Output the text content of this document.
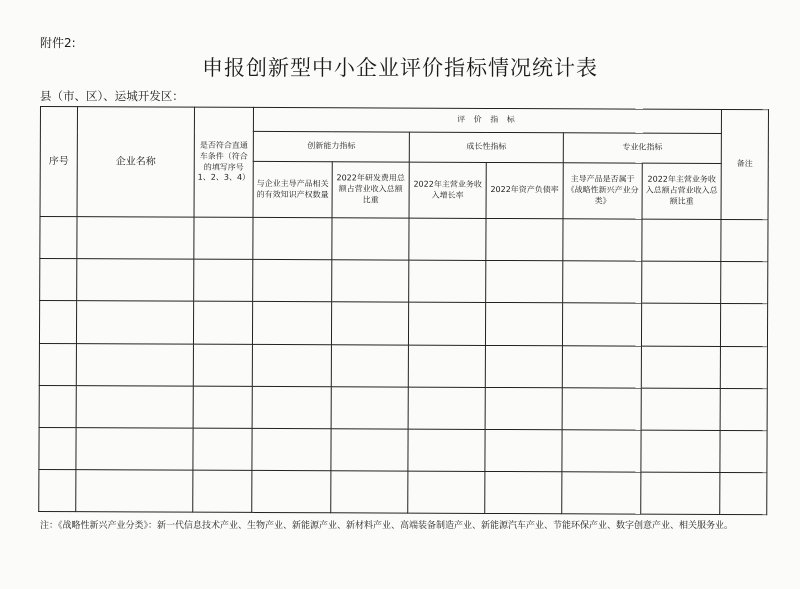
附件2:
申报创新型中小企业评价指标情况统计表
县（市、区）、运城开发区：
序号	企业名称	是否符合直通车条件（符合的填写序号1、2、3、4）	评 价 指 标						备注
			创新能力指标		成长性指标		专业化指标		
			与企业主导产品相关的有效知识产权数量	2022年研发费用总额占营业收入总额比重	2022年主营业务收入增长率	2022年资产负债率	主导产品是否属于《战略性新兴产业分类》	2022年主营业务收入总额占营业收入总额比重	

注：《战略性新兴产业分类》：新一代信息技术产业、生物产业、新能源产业、新材料产业、高端装备制造产业、新能源汽车产业、节能环保产业、数字创意产业、相关服务业。
